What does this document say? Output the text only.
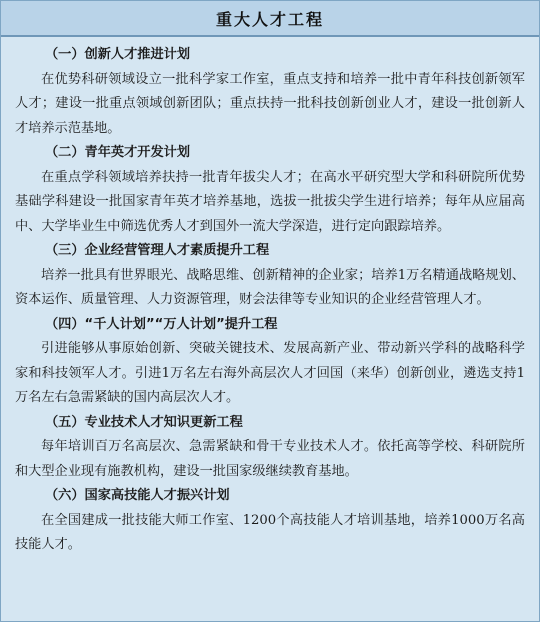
重大人才工程

（一）创新人才推进计划

在优势科研领域设立一批科学家工作室，重点支持和培养一批中青年科技创新领军人才；建设一批重点领域创新团队；重点扶持一批科技创新创业人才，建设一批创新人才培养示范基地。

（二）青年英才开发计划

在重点学科领域培养扶持一批青年拔尖人才；在高水平研究型大学和科研院所优势基础学科建设一批国家青年英才培养基地，选拔一批拔尖学生进行培养；每年从应届高中、大学毕业生中筛选优秀人才到国外一流大学深造，进行定向跟踪培养。

（三）企业经营管理人才素质提升工程

培养一批具有世界眼光、战略思维、创新精神的企业家；培养1万名精通战略规划、资本运作、质量管理、人力资源管理，财会法律等专业知识的企业经营管理人才。

（四）“千人计划”“万人计划”提升工程

引进能够从事原始创新、突破关键技术、发展高新产业、带动新兴学科的战略科学家和科技领军人才。引进1万名左右海外高层次人才回国（来华）创新创业，遴选支持1万名左右急需紧缺的国内高层次人才。

（五）专业技术人才知识更新工程

每年培训百万名高层次、急需紧缺和骨干专业技术人才。依托高等学校、科研院所和大型企业现有施教机构，建设一批国家级继续教育基地。

（六）国家高技能人才振兴计划

在全国建成一批技能大师工作室、1200个高技能人才培训基地，培养1000万名高技能人才。
